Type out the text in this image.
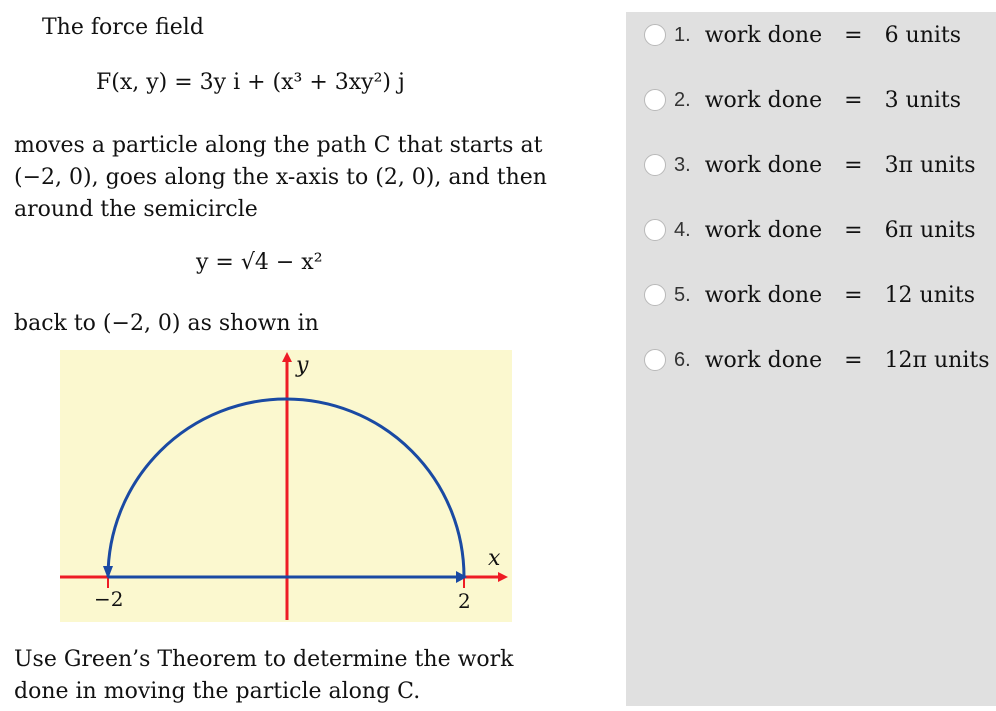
The force field

F(x, y) = 3y i + (x³ + 3xy²) j

moves a particle along the path C that starts at (−2, 0), goes along the x-axis to (2, 0), and then around the semicircle

y = √4 − x²

back to (−2, 0) as shown in

y
x
−2	2

Use Green’s Theorem to determine the work done in moving the particle along C.

1. work done = 6 units
2. work done = 3 units
3. work done = 3π units
4. work done = 6π units
5. work done = 12 units
6. work done = 12π units
